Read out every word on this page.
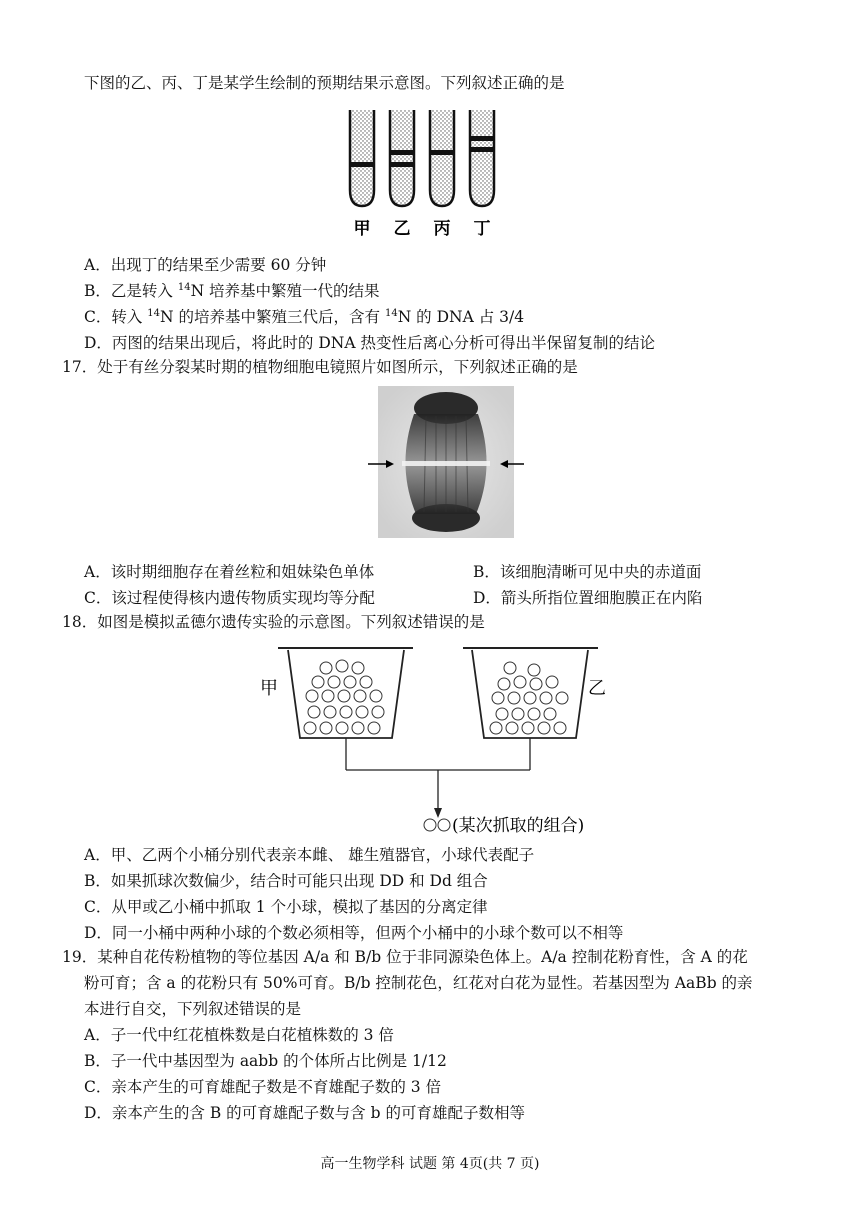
下图的乙、丙、丁是某学生绘制的预期结果示意图。下列叙述正确的是
甲 乙 丙 丁
A．出现丁的结果至少需要 60 分钟
B．乙是转入 $^{14}$N 培养基中繁殖一代的结果
C．转入 $^{14}$N 的培养基中繁殖三代后，含有 $^{14}$N 的 DNA 占 3/4
D．丙图的结果出现后，将此时的 DNA 热变性后离心分析可得出半保留复制的结论
17．处于有丝分裂某时期的植物细胞电镜照片如图所示，下列叙述正确的是
A．该时期细胞存在着丝粒和姐妹染色单体	B．该细胞清晰可见中央的赤道面
C．该过程使得核内遗传物质实现均等分配	D．箭头所指位置细胞膜正在内陷
18．如图是模拟孟德尔遗传实验的示意图。下列叙述错误的是
甲	乙
(某次抓取的组合)
A．甲、乙两个小桶分别代表亲本雌、 雄生殖器官，小球代表配子
B．如果抓球次数偏少，结合时可能只出现 DD 和 Dd 组合
C．从甲或乙小桶中抓取 1 个小球，模拟了基因的分离定律
D．同一小桶中两种小球的个数必须相等，但两个小桶中的小球个数可以不相等
19．某种自花传粉植物的等位基因 A/a 和 B/b 位于非同源染色体上。A/a 控制花粉育性，含 A 的花
粉可育；含 a 的花粉只有 50%可育。B/b 控制花色，红花对白花为显性。若基因型为 AaBb 的亲
本进行自交，下列叙述错误的是
A．子一代中红花植株数是白花植株数的 3 倍
B．子一代中基因型为 aabb 的个体所占比例是 1/12
C．亲本产生的可育雄配子数是不育雄配子数的 3 倍
D．亲本产生的含 B 的可育雄配子数与含 b 的可育雄配子数相等
高一生物学科 试题 第 4页(共 7 页)
